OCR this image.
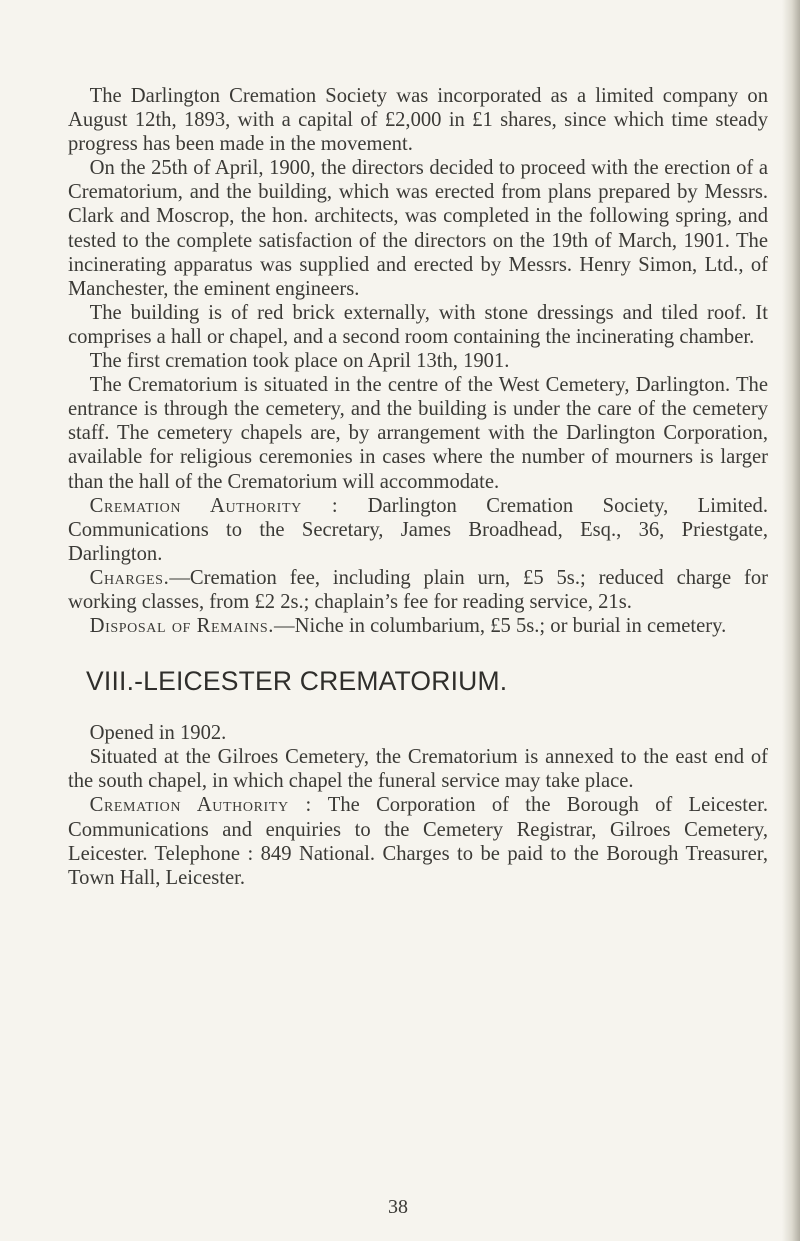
The Darlington Cremation Society was incorporated as a limited company on August 12th, 1893, with a capital of £2,000 in £1 shares, since which time steady progress has been made in the movement.

On the 25th of April, 1900, the directors decided to proceed with the erection of a Crematorium, and the building, which was erected from plans prepared by Messrs. Clark and Moscrop, the hon. architects, was completed in the following spring, and tested to the complete satisfaction of the directors on the 19th of March, 1901. The incinerating apparatus was supplied and erected by Messrs. Henry Simon, Ltd., of Manchester, the eminent engineers.

The building is of red brick externally, with stone dressings and tiled roof. It comprises a hall or chapel, and a second room containing the incinerating chamber.

The first cremation took place on April 13th, 1901.

The Crematorium is situated in the centre of the West Cemetery, Darlington. The entrance is through the cemetery, and the building is under the care of the cemetery staff. The cemetery chapels are, by arrangement with the Darlington Corporation, available for religious ceremonies in cases where the number of mourners is larger than the hall of the Crematorium will accommodate.

Cremation Authority : Darlington Cremation Society, Limited. Communications to the Secretary, James Broadhead, Esq., 36, Priestgate, Darlington.

Charges.—Cremation fee, including plain urn, £5 5s.; reduced charge for working classes, from £2 2s.; chaplain’s fee for reading service, 21s.

Disposal of Remains.—Niche in columbarium, £5 5s.; or burial in cemetery.

VIII.-LEICESTER CREMATORIUM.

Opened in 1902.

Situated at the Gilroes Cemetery, the Crematorium is annexed to the east end of the south chapel, in which chapel the funeral service may take place.

Cremation Authority : The Corporation of the Borough of Leicester. Communications and enquiries to the Cemetery Registrar, Gilroes Cemetery, Leicester. Telephone : 849 National. Charges to be paid to the Borough Treasurer, Town Hall, Leicester.

38
